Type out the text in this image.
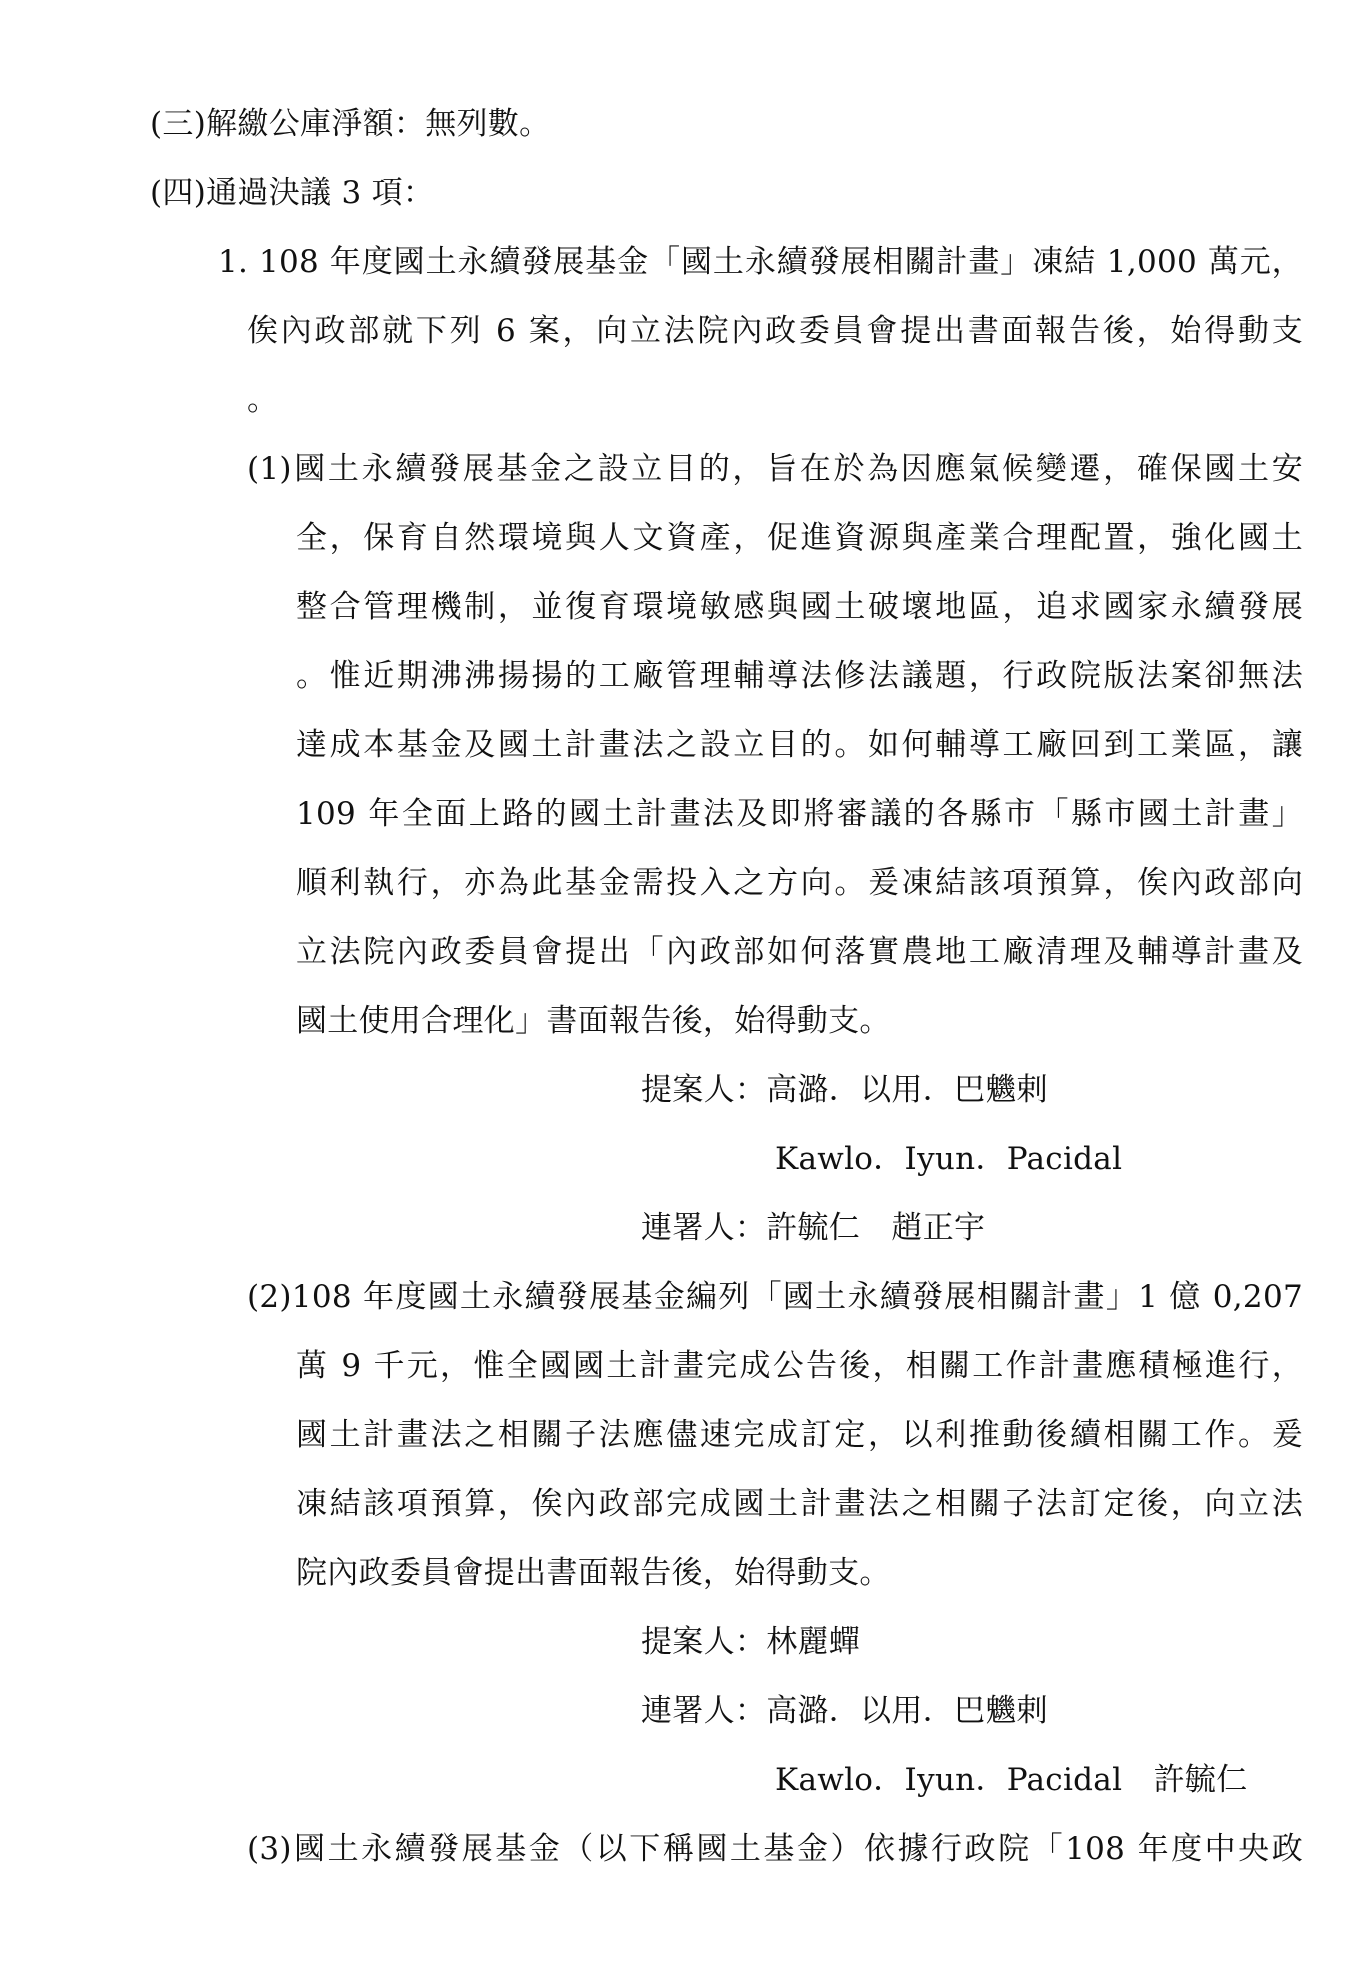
(三)解繳公庫淨額：無列數。
(四)通過決議 3 項：
1. 108 年度國土永續發展基金「國土永續發展相關計畫」凍結 1,000 萬元，
俟內政部就下列 6 案，向立法院內政委員會提出書面報告後，始得動支
。
(1)國土永續發展基金之設立目的，旨在於為因應氣候變遷，確保國土安
全，保育自然環境與人文資產，促進資源與產業合理配置，強化國土
整合管理機制，並復育環境敏感與國土破壞地區，追求國家永續發展
。惟近期沸沸揚揚的工廠管理輔導法修法議題，行政院版法案卻無法
達成本基金及國土計畫法之設立目的。如何輔導工廠回到工業區，讓
109 年全面上路的國土計畫法及即將審議的各縣市「縣市國土計畫」
順利執行，亦為此基金需投入之方向。爰凍結該項預算，俟內政部向
立法院內政委員會提出「內政部如何落實農地工廠清理及輔導計畫及
國土使用合理化」書面報告後，始得動支。
提案人：高潞．以用．巴魕剌
Kawlo．Iyun．Pacidal
連署人：許毓仁　趙正宇
(2)108 年度國土永續發展基金編列「國土永續發展相關計畫」1 億 0,207
萬 9 千元，惟全國國土計畫完成公告後，相關工作計畫應積極進行，
國土計畫法之相關子法應儘速完成訂定，以利推動後續相關工作。爰
凍結該項預算，俟內政部完成國土計畫法之相關子法訂定後，向立法
院內政委員會提出書面報告後，始得動支。
提案人：林麗蟬
連署人：高潞．以用．巴魕剌
Kawlo．Iyun．Pacidal　許毓仁
(3)國土永續發展基金（以下稱國土基金）依據行政院「108 年度中央政
